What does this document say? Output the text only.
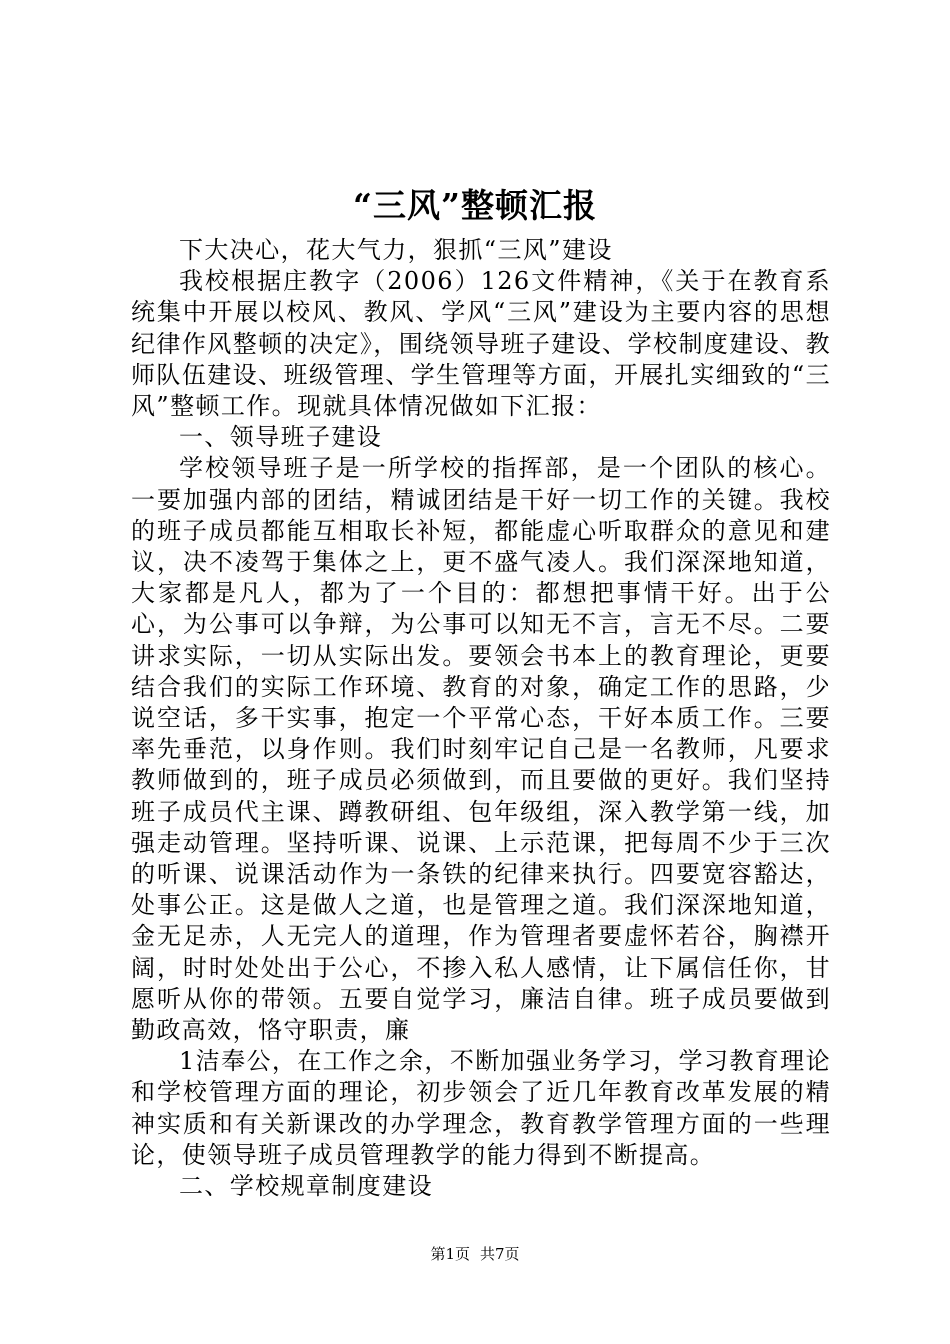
“三风”整顿汇报

下大决心，花大气力，狠抓“三风”建设

我校根据庄教字（2006）126文件精神，《关于在教育系统集中开展以校风、教风、学风“三风”建设为主要内容的思想纪律作风整顿的决定》，围绕领导班子建设、学校制度建设、教师队伍建设、班级管理、学生管理等方面，开展扎实细致的“三风”整顿工作。现就具体情况做如下汇报：

一、领导班子建设

学校领导班子是一所学校的指挥部，是一个团队的核心。一要加强内部的团结，精诚团结是干好一切工作的关键。我校的班子成员都能互相取长补短，都能虚心听取群众的意见和建议，决不凌驾于集体之上，更不盛气凌人。我们深深地知道，大家都是凡人，都为了一个目的：都想把事情干好。出于公心，为公事可以争辩，为公事可以知无不言，言无不尽。二要讲求实际，一切从实际出发。要领会书本上的教育理论，更要结合我们的实际工作环境、教育的对象，确定工作的思路，少说空话，多干实事，抱定一个平常心态，干好本质工作。三要率先垂范，以身作则。我们时刻牢记自己是一名教师，凡要求教师做到的，班子成员必须做到，而且要做的更好。我们坚持班子成员代主课、蹲教研组、包年级组，深入教学第一线，加强走动管理。坚持听课、说课、上示范课，把每周不少于三次的听课、说课活动作为一条铁的纪律来执行。四要宽容豁达，处事公正。这是做人之道，也是管理之道。我们深深地知道，金无足赤，人无完人的道理，作为管理者要虚怀若谷，胸襟开阔，时时处处出于公心，不掺入私人感情，让下属信任你，甘愿听从你的带领。五要自觉学习，廉洁自律。班子成员要做到勤政高效，恪守职责，廉

1洁奉公，在工作之余，不断加强业务学习，学习教育理论和学校管理方面的理论，初步领会了近几年教育改革发展的精神实质和有关新课改的办学理念，教育教学管理方面的一些理论，使领导班子成员管理教学的能力得到不断提高。

二、学校规章制度建设

第1页 共7页
